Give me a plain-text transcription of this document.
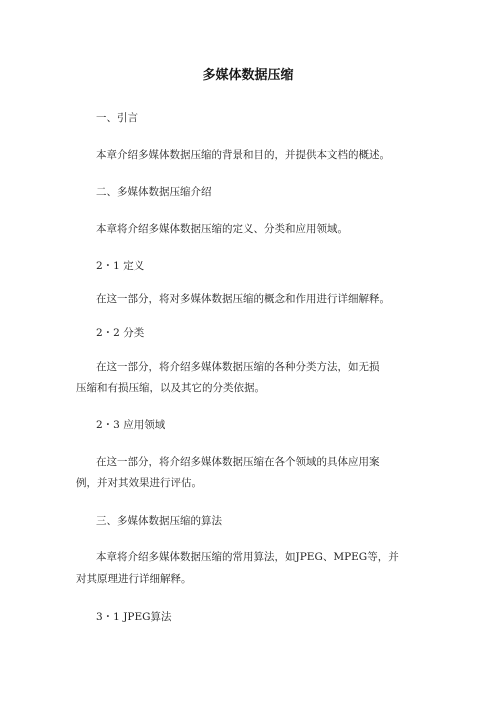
多媒体数据压缩
一、引言
本章介绍多媒体数据压缩的背景和目的，并提供本文档的概述。
二、多媒体数据压缩介绍
本章将介绍多媒体数据压缩的定义、分类和应用领域。
2・1 定义
在这一部分，将对多媒体数据压缩的概念和作用进行详细解释。
2・2 分类
在这一部分，将介绍多媒体数据压缩的各种分类方法，如无损
压缩和有损压缩，以及其它的分类依据。
2・3 应用领域
在这一部分，将介绍多媒体数据压缩在各个领域的具体应用案
例，并对其效果进行评估。
三、多媒体数据压缩的算法
本章将介绍多媒体数据压缩的常用算法，如JPEG、MPEG等，并
对其原理进行详细解释。
3・1 JPEG算法
